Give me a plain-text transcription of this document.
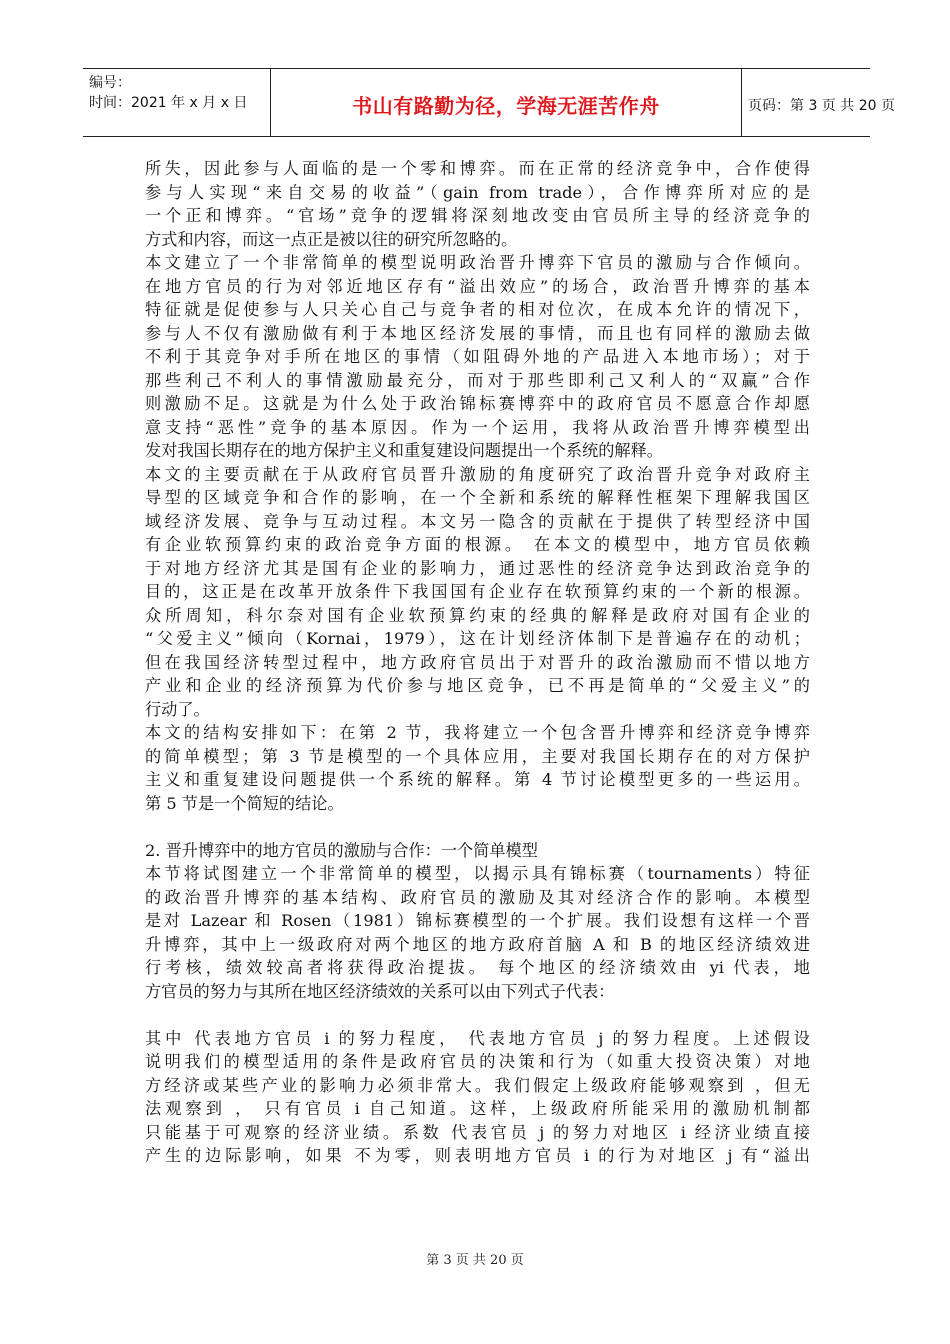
编号：
时间：2021 年 x 月 x 日	书山有路勤为径，学海无涯苦作舟	页码：第 3 页 共 20 页
所失，因此参与人面临的是一个零和博弈。而在正常的经济竞争中，合作使得
参与人实现“来自交易的收益”（gain from trade），合作博弈所对应的是
一个正和博弈。“官场”竞争的逻辑将深刻地改变由官员所主导的经济竞争的
方式和内容，而这一点正是被以往的研究所忽略的。
本文建立了一个非常简单的模型说明政治晋升博弈下官员的激励与合作倾向。
在地方官员的行为对邻近地区存有“溢出效应”的场合，政治晋升博弈的基本
特征就是促使参与人只关心自己与竞争者的相对位次，在成本允许的情况下，
参与人不仅有激励做有利于本地区经济发展的事情，而且也有同样的激励去做
不利于其竞争对手所在地区的事情（如阻碍外地的产品进入本地市场）；对于
那些利己不利人的事情激励最充分，而对于那些即利己又利人的“双赢”合作
则激励不足。这就是为什么处于政治锦标赛博弈中的政府官员不愿意合作却愿
意支持“恶性”竞争的基本原因。作为一个运用，我将从政治晋升博弈模型出
发对我国长期存在的地方保护主义和重复建设问题提出一个系统的解释。
本文的主要贡献在于从政府官员晋升激励的角度研究了政治晋升竞争对政府主
导型的区域竞争和合作的影响，在一个全新和系统的解释性框架下理解我国区
域经济发展、竞争与互动过程。本文另一隐含的贡献在于提供了转型经济中国
有企业软预算约束的政治竞争方面的根源。 在本文的模型中，地方官员依赖
于对地方经济尤其是国有企业的影响力，通过恶性的经济竞争达到政治竞争的
目的，这正是在改革开放条件下我国国有企业存在软预算约束的一个新的根源。
众所周知，科尔奈对国有企业软预算约束的经典的解释是政府对国有企业的
“父爱主义”倾向（Kornai，1979），这在计划经济体制下是普遍存在的动机；
但在我国经济转型过程中，地方政府官员出于对晋升的政治激励而不惜以地方
产业和企业的经济预算为代价参与地区竞争，已不再是简单的“父爱主义”的
行动了。
本文的结构安排如下：在第 2 节，我将建立一个包含晋升博弈和经济竞争博弈
的简单模型；第 3 节是模型的一个具体应用，主要对我国长期存在的对方保护
主义和重复建设问题提供一个系统的解释。第 4 节讨论模型更多的一些运用。
第 5 节是一个简短的结论。
2. 晋升博弈中的地方官员的激励与合作：一个简单模型
本节将试图建立一个非常简单的模型，以揭示具有锦标赛（tournaments）特征
的政治晋升博弈的基本结构、政府官员的激励及其对经济合作的影响。本模型
是对 Lazear 和 Rosen（1981）锦标赛模型的一个扩展。我们设想有这样一个晋
升博弈，其中上一级政府对两个地区的地方政府首脑 A 和 B 的地区经济绩效进
行考核，绩效较高者将获得政治提拔。 每个地区的经济绩效由 yi 代表，地
方官员的努力与其所在地区经济绩效的关系可以由下列式子代表：
其中 代表地方官员 i 的努力程度， 代表地方官员 j 的努力程度。上述假设
说明我们的模型适用的条件是政府官员的决策和行为（如重大投资决策）对地
方经济或某些产业的影响力必须非常大。我们假定上级政府能够观察到 ，但无
法观察到 ， 只有官员 i 自己知道。这样，上级政府所能采用的激励机制都
只能基于可观察的经济业绩。系数 代表官员 j 的努力对地区 i 经济业绩直接
产生的边际影响，如果 不为零，则表明地方官员 i 的行为对地区 j 有“溢出
第 3 页 共 20 页
